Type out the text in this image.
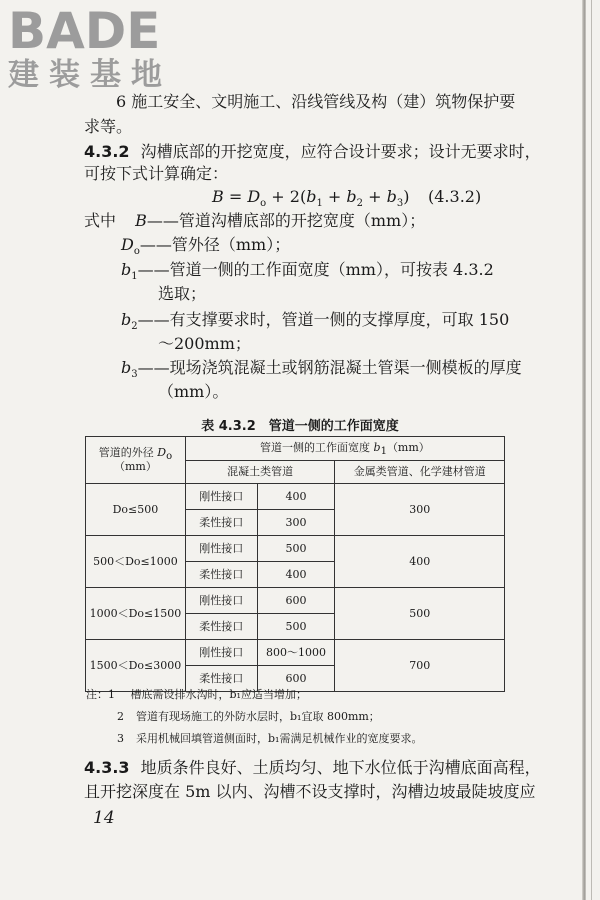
BADE
建装基地
6 施工安全、文明施工、沿线管线及构（建）筑物保护要
求等。
4.3.2 沟槽底部的开挖宽度，应符合设计要求；设计无要求时，
可按下式计算确定：
$B = D_o + 2(b_1 + b_2 + b_3)$ (4.3.2)
式中 B——管道沟槽底部的开挖宽度（mm）；
$D_o——$管外径（mm）；
$b_1——$管道一侧的工作面宽度（mm），可按表 4.3.2
选取；
$b_2——$有支撑要求时，管道一侧的支撑厚度，可取 150
～200mm；
$b_3——$现场浇筑混凝土或钢筋混凝土管渠一侧模板的厚度
（mm）。
表 4.3.2　管道一侧的工作面宽度
管道的外径 $D_o$
（mm）	管道一侧的工作面宽度 $b_1(mm)$		
	混凝土类管道		金属类管道、化学建材管道
Do≤500	刚性接口	400	300
	柔性接口	300	
500＜Do≤1000	刚性接口	500	400
	柔性接口	400	
1000＜Do≤1500	刚性接口	600	500
	柔性接口	500	
1500＜Do≤3000	刚性接口	800～1000	700
	柔性接口	600	
注：1 槽底需设排水沟时，b₁应适当增加；
2 管道有现场施工的外防水层时，b₁宜取 800mm；
3 采用机械回填管道侧面时，b₁需满足机械作业的宽度要求。
4.3.3 地质条件良好、土质均匀、地下水位低于沟槽底面高程，
且开挖深度在 5m 以内、沟槽不设支撑时，沟槽边坡最陡坡度应
14
